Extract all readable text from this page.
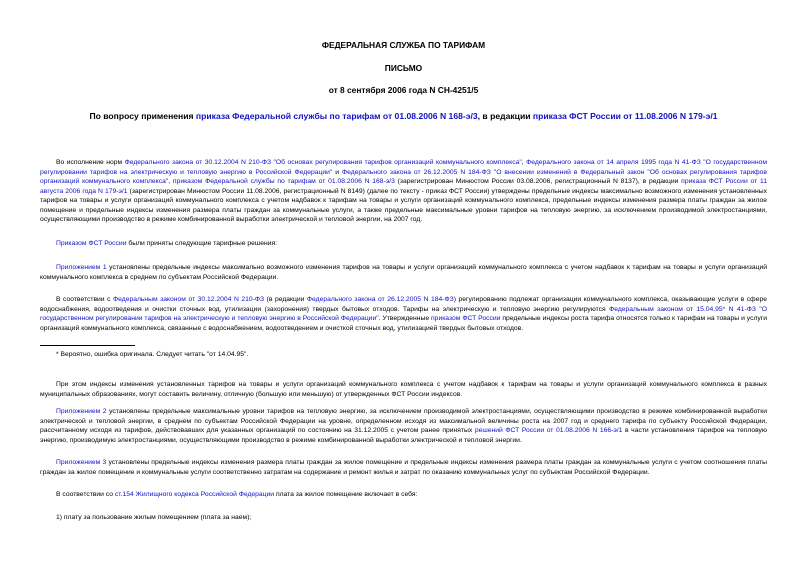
ФЕДЕРАЛЬНАЯ СЛУЖБА ПО ТАРИФАМ
ПИСЬМО
от 8 сентября 2006 года N СН-4251/5
По вопросу применения приказа Федеральной службы по тарифам от 01.08.2006 N 168-э/3, в редакции приказа ФСТ России от 11.08.2006 N 179-э/1
Во исполнение норм Федерального закона от 30.12.2004 N 210-ФЗ "Об основах регулирования тарифов организаций коммунального комплекса", Федерального закона от 14 апреля 1995 года N 41-ФЗ "О государственном регулировании тарифов на электрическую и тепловую энергию в Российской Федерации" и Федерального закона от 26.12.2005 N 184-ФЗ "О внесении изменений в Федеральный закон "Об основах регулирования тарифов организаций коммунального комплекса", приказом Федеральной службы по тарифам от 01.08.2006 N 168-э/3 (зарегистрирован Минюстом России 03.08.2006, регистрационный N 8137), в редакции приказа ФСТ России от 11 августа 2006 года N 179-э/1 (зарегистрирован Минюстом России 11.08.2006, регистрационный N 8149) (далее по тексту - приказ ФСТ России) утверждены предельные индексы максимально возможного изменения установленных тарифов на товары и услуги организаций коммунального комплекса с учетом надбавок к тарифам на товары и услуги организаций коммунального комплекса, предельные индексы изменения размера платы граждан за жилое помещение и предельные индексы изменения размера платы граждан за коммунальные услуги, а также предельные максимальные уровни тарифов на тепловую энергию, за исключением производимой электростанциями, осуществляющими производство в режиме комбинированной выработки электрической и тепловой энергии, на 2007 год.
Приказом ФСТ России были приняты следующие тарифные решения:
Приложением 1 установлены предельные индексы максимально возможного изменения тарифов на товары и услуги организаций коммунального комплекса с учетом надбавок к тарифам на товары и услуги организаций коммунального комплекса в среднем по субъектам Российской Федерации.
В соответствии с Федеральным законом от 30.12.2004 N 210-ФЗ (в редакции Федерального закона от 26.12.2005 N 184-ФЗ) регулированию подлежат организации коммунального комплекса, оказывающие услуги в сфере водоснабжения, водоотведения и очистки сточных вод, утилизации (захоронения) твердых бытовых отходов. Тарифы на электрическую и тепловую энергию регулируются Федеральным законом от 15.04.95* N 41-ФЗ "О государственном регулировании тарифов на электрическую и тепловую энергию в Российской Федерации". Утвержденные приказом ФСТ России предельные индексы роста тарифа относятся только к тарифам на товары и услуги организаций коммунального комплекса, связанные с водоснабжением, водоотведением и очисткой сточных вод, утилизацией твердых бытовых отходов.
* Вероятно, ошибка оригинала. Следует читать "от 14.04.95".
При этом индексы изменения установленных тарифов на товары и услуги организаций коммунального комплекса с учетом надбавок к тарифам на товары и услуги организаций коммунального комплекса в разных муниципальных образованиях, могут составить величину, отличную (большую или меньшую) от утвержденных ФСТ России индексов.
Приложением 2 установлены предельные максимальные уровни тарифов на тепловую энергию, за исключением производимой электростанциями, осуществляющими производство в режиме комбинированной выработки электрической и тепловой энергии, в среднем по субъектам Российской Федерации на уровне, определенном исходя из максимальной величины роста на 2007 год и среднего тарифа по субъекту Российской Федерации, рассчитанному исходя из тарифов, действовавших для указанных организаций по состоянию на 31.12.2005 с учетом ранее принятых решений ФСТ России от 01.08.2006 N 166-э/1 в части установления тарифов на тепловую энергию, производимую электростанциями, осуществляющими производство в режиме комбинированной выработки электрической и тепловой энергии.
Приложением 3 установлены предельные индексы изменения размера платы граждан за жилое помещение и предельные индексы изменения размера платы граждан за коммунальные услуги с учетом соотношения платы граждан за жилое помещение и коммунальные услуги соответственно затратам на содержание и ремонт жилья и затрат по оказанию коммунальных услуг по субъектам Российской Федерации.
В соответствии со ст.154 Жилищного кодекса Российской Федерации плата за жилое помещение включает в себя:
1) плату за пользование жилым помещением (плата за наем);
